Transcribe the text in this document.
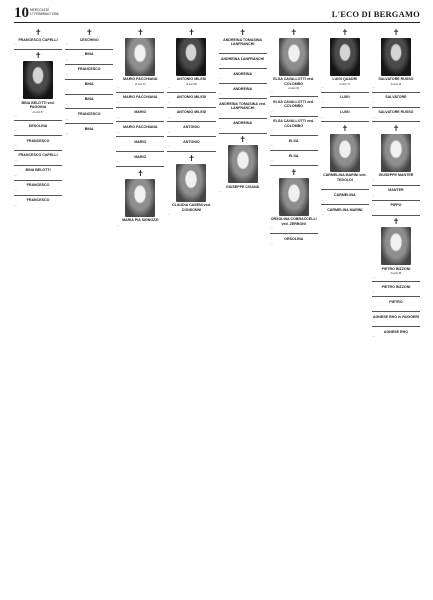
10 MERCOLEDÌ
17 FEBBRAIO 1996	L'ECO DI BERGAMO
✝
FRANCESCO CAPELLI
…
✝
BINA BELOTTI ved. PAGGINA
di anni 87
…
DESOLINA
…
FRANCESCO
…
FRANCESCO CAPELLI
…
BINA BELOTTI
…
FRANCESCO
…
FRANCESCO
…
✝
CESCHINO
…
BINA
…
FRANCESCO
…
BINA
…
BINA
…
FRANCESCO
…
BINA
…
✝
MARIO PACCHIANA
di anni 82
…
MARIO PACCHIANA
…
MARIO
…
MARIO PACCHIANA
…
MARIO
…
MARIO
…
✝
MARIA PIA SIGNOZZI
…
✝
ANTONIO MILESI
di anni 86
…
ANTONIO MILESI
…
ANTONIO MILESI
…
ANTONIO
…
ANTONIO
…
✝
CLAUDIA CASENI ved. CONSONNI
…
✝
ANDREINA TOMASINA LANFRANCHI
…
ANDREINA LANFRANCHI
…
ANDREINA
…
ANDREINA
…
ANDREINA TOMASINA ved. LANFRANCHI
…
ANDREINA
…
✝
GIUSEPPE CISANA
…
✝
ELSA CAVALLOTTI ved. COLOMBO
di anni 89
…
ELSA CAVALLOTTI ved. COLOMBO
…
ELSA CAVALLOTTI ved. COLOMBO
…
ELSA
…
ELSA
…
✝
ORSOLINA COBRACCELLI ved. ZERBONI
…
ORSOLINA
…
✝
LUIGI QUADRI
di anni 74
…
LUIGI
…
LUIGI
…
✝
CARMELINA MARINI ved. TEDOLDI
…
CARMELINA
…
CARMELINA MARINI
…
✝
SALVATORE RUSSO
di anni 48
…
SALVATORE
…
SALVATORE RUSSO
…
✝
GIUSEPPE MANTER
…
MANTER
…
PIPPO
…
✝
PIETRO BIZZONI
di anni 88
…
PIETRO BIZZONI
…
PIETRO
…
AGNESE RHO in RUGGERI
…
AGNESE RHO
…
